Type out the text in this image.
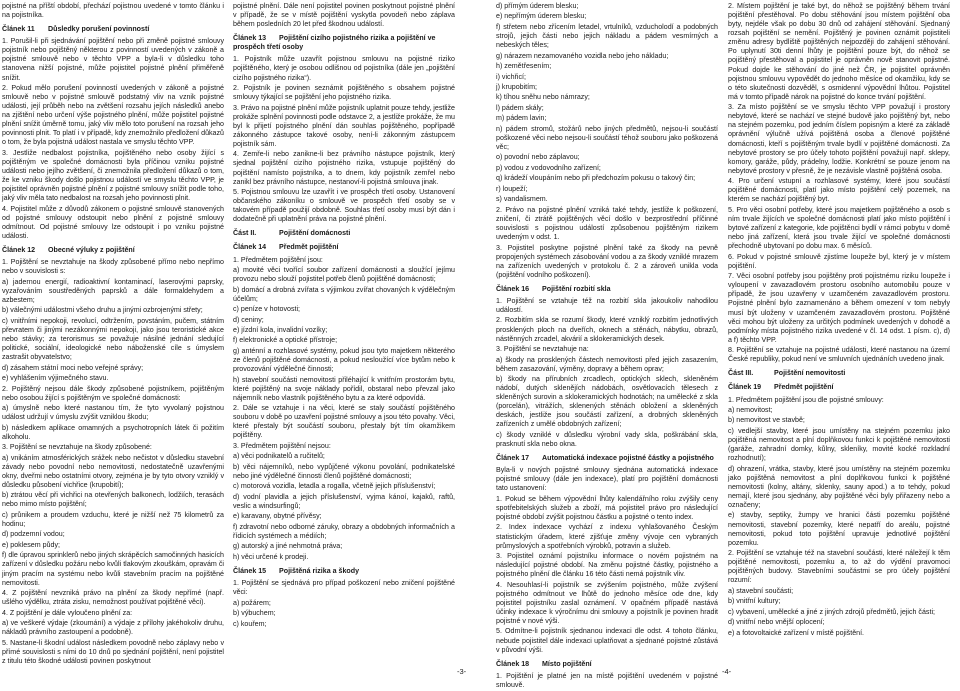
pojistné na příští období, přechází pojistnou uvedené v tomto článku i na pojistníka.
Článek 11 Důsledky porušení povinností
1. Porušil-li při sjednávání pojištění nebo při změně pojistné smlouvy pojistník nebo pojištěný některou z povinností uvedených v zákoně a pojistné smlouvě nebo v těchto VPP a byla-li v důsledku toho stanovena nižší pojistné, může pojistitel pojistné plnění přiměřeně snížit.
2. Pokud mělo porušení povinností uvedených v zákoně a pojistné smlouvě nebo v pojistné smlouvě podstatný vliv na vznik pojistné události, její průběh nebo na zvětšení rozsahu jejích následků anebo na zjištění nebo určení výše pojistného plnění, může pojistitel pojistné plnění snížit úměrně tomu, jaký vliv mělo toto porušení na rozsah jeho povinnosti plnit. To platí i v případě, kdy znemožnilo předložení důkazů o tom, že byla pojistná událost nastala ve smyslu těchto VPP.
3. Jestliže nedbalost pojistníka, pojištěného nebo osoby žijící s pojištěným ve společné domácnosti byla příčinou vzniku pojistné události nebo jejího zvětšení, či znemožnila předložení důkazů o tom, že ke vzniku škody došlo pojistnou událostí ve smyslu těchto VPP, je pojistitel oprávněn pojistné plnění z pojistné smlouvy snížit podle toho, jaký vliv měla tato nedbalost na rozsah jeho povinnosti plnit.
4. Pojistitel může z důvodů zákonem o pojistné smlouvě stanovených od pojistné smlouvy odstoupit nebo plnění z pojistné smlouvy odmítnout. Od pojistné smlouvy lze odstoupit i po vzniku pojistné události.
Článek 12 Obecné výluky z pojištění
1. Pojištění se nevztahuje na škody způsobené přímo nebo nepřímo nebo v souvislosti s:
a) jadernou energií, radioaktivní kontaminací, laserovými paprsky, vyzařováním soustředěných paprsků a dále formaldehydem a azbestem;
b) válečnými událostmi všeho druhu a jinými ozbrojenými střety;
c) vnitřními nepokoji, revolucí, odtržením, povstáním, pučem, státním převratem či jinými nezákonnými nepokoji, jako jsou teroristické akce nebo stávky; za terorismus se považuje násilné jednání sledující politické, sociální, ideologické nebo náboženské cíle s úmyslem zastrašit obyvatelstvo;
d) zásahem státní moci nebo veřejné správy;
e) vyhlášením výjimečného stavu.
2. Pojištěný nejsou dále škody způsobené pojistníkem, pojištěným nebo osobou žijící s pojištěným ve společné domácnosti:
a) úmyslně nebo které nastanou tím, že tyto vyvolaný pojistnou událost udržují v úmyslu zvýšit vzniklou škodu;
b) následkem aplikace omamných a psychotropních látek či požitím alkoholu.
3. Pojištění se nevztahuje na škody způsobené:
a) vnikáním atmosférických srážek nebo nečistot v důsledku stavební závady nebo povodní nebo nemovitosti, nedostatečně uzavřenými okny, dveřmi nebo ostatními otvory, zejména je by tyto otvory vzniklý v důsledku působení vichřice (krupobití);
b) ztrátou věcí při vichřici na otevřených balkonech, lodžiích, terasách nebo mimo místo pojištění;
c) průnikem a proudem vzduchu, které je nižší než 75 kilometrů za hodinu;
d) podzemní vodou;
e) poklesem půdy;
f) dle úpravou sprinklerů nebo jiných skrápěcích samočinných hasicích zařízení v důsledku požáru nebo kvůli tlakovým zkouškám, opravám či jiným pracím na systému nebo kvůli stavebním pracím na pojištěné nemovitosti.
4. Z pojištění nevzniká právo na plnění za škody nepřímé (např. ušlého výdělku, ztráta zisku, nemožnost používat pojištěné věci).
4. Z pojištění je dále vyloučeno plnění za:
a) ve veškeré výdaje (zkoumání) a výdaje z přílohy jakéhokoliv druhu, nákladů právního zastoupení a podobně).
5. Nastane-li škodní událost následkem povodně nebo záplavy nebo v přímé souvislosti s ními do 10 dnů po sjednání pojištění, není pojistitel z titulu této škodné události povinen poskytnout
pojistné plnění. Dále není pojistitel povinen poskytnout pojistné plnění v případě, že se v místě pojištění vyskytla povodeň nebo záplava během posledních 20 let před škodnou událostí.
Článek 13 Pojištění cizího pojistného rizika a pojištění ve prospěch třetí osoby
1. Pojistník může uzavřít pojistnou smlouvu na pojistné riziko pojištěného, který je osobou odlišnou od pojistníka (dále jen „pojištění cizího pojistného rizika“).
2. Pojistník je povinen seznámit pojištěného s obsahem pojistné smlouvy týkající se pojištění jeho pojistného rizika.
3. Právo na pojistné plnění může pojistník uplatnit pouze tehdy, jestliže prokáže splnění povinnosti podle odstavce 2, a jestliže prokáže, že mu byl k přijetí pojistného plnění dán souhlas pojištěného, popřípadě zákonného zástupce takové osoby, není-li zákonným zástupcem pojistník sám.
4. Zemře-li nebo zanikne-li bez právního nástupce pojistník, který sjednal pojištění cizího pojistného rizika, vstupuje pojištěný do pojištění namísto pojistníka, a to dnem, kdy pojistník zemřel nebo zanikl bez právního nástupce, nestanoví-li pojistná smlouva jinak.
5. Pojistnou smlouvu lze uzavřít i ve prospěch třetí osoby. Ustanovení občanského zákoníku o smlouvě ve prospěch třetí osoby se v takovém případě použijí obdobně. Souhlas třetí osoby musí být dán i dodatečně při uplatnění práva na pojistné plnění.
Část II.	Pojištění domácnosti
Článek 14 Předmět pojištění
1. Předmětem pojištění jsou:
a) movité věci tvořící soubor zařízení domácnosti a sloužící jejímu provozu nebo slouží pojistitel potřeb členů pojištěné domácnosti;
b) domácí a drobná zvířata s výjimkou zvířat chovaných k výdělečným účelům;
c) peníze v hotovosti;
d) ceniny;
e) jízdní kola, invalidní vozíky;
f) elektronické a optické přístroje;
g) anténní a rozhlasové systémy, pokud jsou tyto majetkem některého ze členů pojištěné domácnosti, a pokud nesloužící více bytům nebo k provozování výdělečné činnosti;
h) stavební součásti nemovitosti přiléhající k vnitřním prostorám bytu, které pojištěný na svoje náklady pořídil, obstaral nebo převzal jako nájemník nebo vlastník pojištěného bytu a za které odpovídá.
2. Dále se vztahuje i na věci, které se staly součástí pojištěného souboru v době po uzavření pojistné smlouvy a jsou této povahy. Věci, které přestaly být součástí souboru, přestaly být tím okamžikem pojištěny.
3. Předmětem pojištění nejsou:
a) věci podnikatelů a ručitelů;
b) věci nájemníků, nebo vypůjčené výkonu povolání, podnikatelské nebo jiné výdělečné činnosti členů pojištěné domácnosti;
c) motorová vozidla, letadla a rogalla, včetně jejich příslušenství;
d) vodní plavidla a jejich příslušenství, vyjma kánoí, kajaků, raftů, veslic a windsurfingů;
e) karavany, obytné přívěsy;
f) zdravotní nebo odborné záruky, obrazy a obdobných informačních a řídicích systémech a médiích;
g) autorský a jiné nehmotná práva;
h) věci určené k prodeji.
Článek 15 Pojištěná rizika a škody
1. Pojištění se sjednává pro případ poškození nebo zničení pojištěné věci:
a) požárem;
b) výbuchem;
c) kouřem;
d) přímým úderem blesku;
e) nepřímým úderem blesku;
f) střetem nebo zřícením letadel, vrtulníků, vzducholodí a podobných strojů, jejich části nebo jejich nákladu a pádem vesmírných a nebeských těles;
g) nárazem nezamovaného vozidla nebo jeho nákladu;
h) zemětřesením;
i) vichřicí;
j) krupobitím;
k) tíhou sněhu nebo námrazy;
l) pádem skály;
m) pádem lavin;
n) pádem stromů, stožárů nebo jiných předmětů, nejsou-li součástí poškozené věci nebo nejsou-li součástí téhož souboru jako poškozená věc;
o) povodní nebo záplavou;
p) vodou z vodovodního zařízení;
q) krádeží vloupáním nebo při předchozím pokusu o takový čin;
r) loupeží;
s) vandalismem.
2. Právo na pojistné plnění vzniká také tehdy, jestliže k poškození, zničení, či ztrátě pojištěných věcí došlo v bezprostřední příčinné souvislosti s pojistnou událostí způsobenou pojištěným rizikem uvedeným v odst. 1.
3. Pojistitel poskytne pojistné plnění také za škody na pevně propojených systémech zásobování vodou a za škody vzniklé mrazem na zařízeních uvedených v protokolu č. 2 a zároveň unikla voda (pojištění vodního poškození).
Článek 16 Pojištění rozbití skla
1. Pojištění se vztahuje též na rozbití skla jakoukoliv nahodilou událostí.
2. Rozbitím skla se rozumí škody, které vzniklý rozbitím jednotlivých prosklených ploch na dveřích, oknech a stěnách, nábytku, obrazů, nástěnných zrcadel, akvárií a sklokeramických desek.
3. Pojištění se nevztahuje na:
a) škody na prosklených částech nemovitosti před jejich zasazením, během zasazování, výměny, dopravy a během oprav;
b) škody na přírubních zrcadlech, optických sklech, skleněném nádobí, dutých sklenějích nádobách, osvětlovacích tělesech z skleněných surovin a sklokeramických hodnotách; na umělecké z skla (porcelán), vitrážích, sklenených stěnách obložení a skleněných deskách, jestliže jsou součástí zařízení, a drobných skleněných zařízeních z umělé obdobných zařízení;
c) škody vzniklé v důsledku výrobní vady skla, poškrábání skla, prasknutí skla nebo okna.
Článek 17 Automatická indexace pojistné částky a pojistného
Byla-li v nových pojistné smlouvy sjednána automatická indexace pojistné smlouvy (dále jen indexace), platí pro pojištění domácnosti tato ustanovení:
1. Pokud se během výpovědní lhůty kalendářního roku zvýšily ceny spotřebitelských služeb a zboží, má pojistitel právo pro následující pojistné období zvýšit pojistnou částku a pojistné o tento index.
2. Index indexace vychází z indexu vyhlašovaného Českým statistickým úřadem, které zjišťuje změny vývoje cen vybraných průmyslových a spotřebních výrobků, potravin a služeb.
3. Pojistitel oznámí pojistníku informace o novém pojistném na následující pojistné období. Na změnu pojistné částky, pojistného a pojistného plnění dle článku 16 této části nemá pojistník vliv.
4. Nesouhlasí-li pojistník se zvýšením pojistného, může zvýšení pojistného odmítnout ve lhůtě do jednoho měsíce ode dne, kdy pojistitel pojistníku zaslal oznámení. V opačném případě nastává účinky indexace k výročnímu dni smlouvy a pojistník je povinen hradit pojistné v nové výši.
5. Odmítne-li pojistník sjednanou indexaci dle odst. 4 tohoto článku, nebude pojistitel dále indexaci uplatňovat a sjednané pojistné zůstává v původní výši.
Článek 18 Místo pojištění
1. Pojištění je platné jen na místě pojištění uvedeném v pojistné smlouvě.
2. Místem pojištění je také byt, do něhož se pojištěný během trvání pojištění přestěhoval. Po dobu stěhování jsou místem pojištění oba byty, nejdéle však po dobu 30 dnů od zahájení stěhování. Sjednaný rozsah pojištění se nemění. Pojištěný je povinen oznámit pojistiteli změnu adresy bydliště pojištěných nejpozději do zahájení stěhování. Po uplynutí 30ti denní lhůty je pojištění pouze být, do něhož se pojištěný přestěhoval a pojistitel je oprávněn nově stanovit pojistné. Pokud dojde ke stěhování do jiné než ČR, je pojistitel oprávněn pojistnou smlouvu vypovědět do jednoho měsíce od okamžiku, kdy se o této skutečnosti dozvěděl, s osmidenní výpovědní lhůtou. Pojistitel má v tomto případě nárok na pojistné do konce trvání pojištění.
3. Za místo pojištění se ve smyslu těchto VPP považují i prostory nebytové, které se nachází ve stejné budově jako pojištěný byt, nebo na stejném pozemku, pod jedním číslem popisným a které za základě oprávnění výlučně užívá pojištěná osoba a členové pojištěné domácnosti, kteří s pojištěným trvale bydlí v pojištěné domácnosti. Za nebytové prostory se pro účely tohoto pojištění považují např. sklepy, komory, garáže, půdy, prádelny, lodžie. Konkrétní se pouze jenom na nebytové prostory v přesně, že je nezávisle vlastně pojištěná osoba.
4. Pro určení vstupní a rozhlasové systémy, které jsou součástí pojištěné domácnosti, platí jako místo pojištění celý pozemek, na kterém se nachází pojištěný byt.
5. Pro věci osobní potřeby, které jsou majetkem pojištěného a osob s ním trvale žijících ve společné domácnosti platí jako místo pojištění i bytové zařízení z kategorie, kde pojištěnci bydlí v rámci pobytu v domě nebo jiná zařízení, která jsou trvale žijící ve společné domácnosti přechodně ubytovaní po dobu max. 6 měsíců.
6. Pokud v pojistné smlouvě zjistíme loupeže byl, který je v místem pojištění.
7. Věci osobní potřeby jsou pojištěny proti pojistnému riziku loupeže i vyloupení v zavazadlovém prostoru osobního automobilu pouze v případě, že jsou uzavřeny v uzamčeném zavazadlovém prostoru. Pojistné plnění bylo zaznamenáno a během omezení v tom nebyly musí být uloženy v uzamčeném zavazadlovém prostoru. Pojištěné věci mohou být uloženy za určitých podmínek uvedených v dohodě a podmínky místa pojistného rizika uvedené v čl. 14 odst. 1 písm. c), d) a f) těchto VPP.
8. Pojištění se vztahuje na pojistné události, které nastanou na území České republiky, pokud není ve smluvních ujednáních uvedeno jinak.
Část III.	Pojištění nemovitosti
Článek 19 Předmět pojištění
1. Předmětem pojištění jsou dle pojistné smlouvy:
a) nemovitost;
b) nemovitost ve stavbě;
c) vedlejší stavby, které jsou umístěny na stejném pozemku jako pojištěná nemovitost a plní doplňkovou funkci k pojištěné nemovitosti (garáže, zahradní domky, kůlny, skleníky, movité kocké rozkladní rozhodnutí);
d) ohrazení, vrátka, stavby, které jsou umístěny na stejném pozemku jako pojištěná nemovitost a plní doplňkovou funkci k pojištěné nemovitosti (kolny, altány, sklenky, sauny apod.) a to tehdy, pokud nemají, které jsou sjednány, aby pojištěné věci byly přiřazeny nebo a označeny;
e) stavby, septiky, žumpy ve hranici části pozemku pojištěné nemovitosti, stavební pozemky, které nepatří do areálu, pojistné nemovitosti, pokud toto pojištění upravuje jednotlivé pojištění pozemku.
2. Pojištění se vztahuje též na stavební součásti, které náležejí k těm pojištěné nemovitosti, pozemku a, to až do výdění pravomoci pojištěných budovy. Stavebními součástmi se pro účely pojištění rozumí:
a) stavební součásti;
b) vnitřní kultury;
c) vybavení, umělecké a jiné z jiných zdrojů předmětů, jejich části;
d) vnitřní nebo vnější oplocení;
e) a fotovoltaické zařízení v místě pojištění.
-3-	-4-
